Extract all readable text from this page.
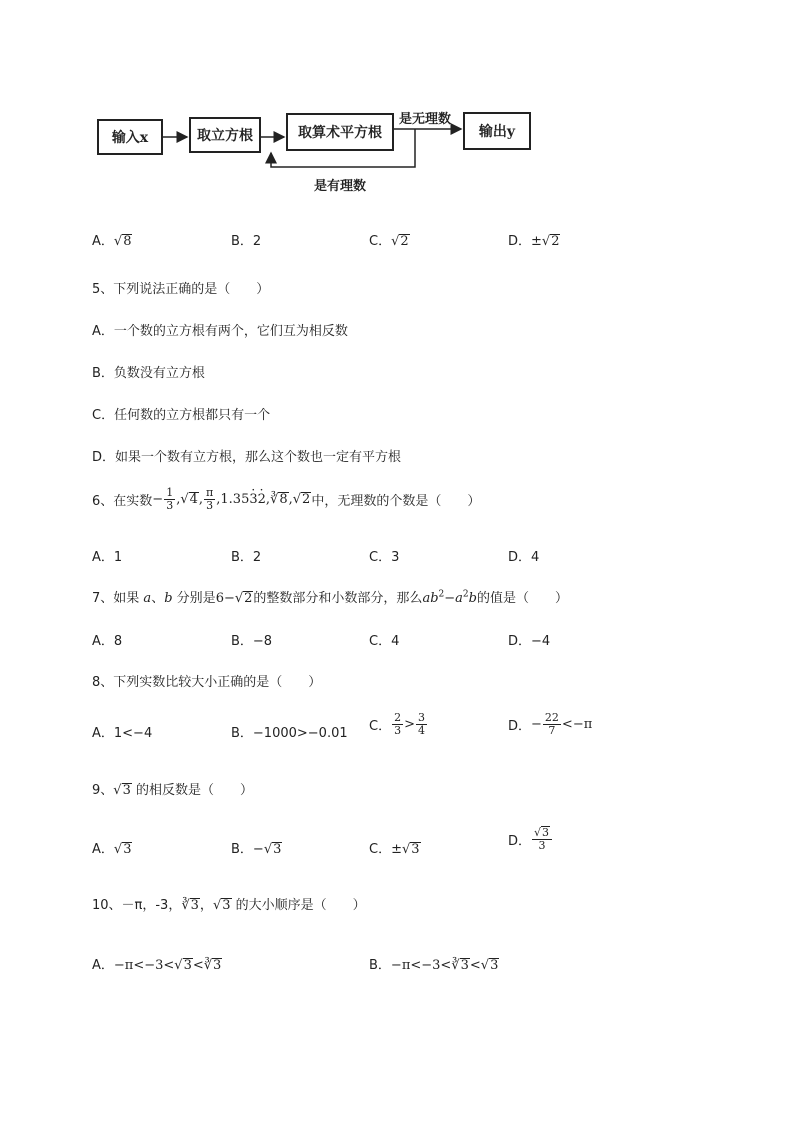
输入x	取立方根	取算术平方根	输出y
是无理数
是有理数
A．√8	B．2	C．√2	D．±√2
5、下列说法正确的是（　　）
A．一个数的立方根有两个，它们互为相反数
B．负数没有立方根
C．任何数的立方根都只有一个
D．如果一个数有立方根，那么这个数也一定有平方根
6、在实数 − $\frac{1}{3} ,√4$, $\frac{\pi}{3} ,1.35\cdot 3\cdot$ 2,∛8,√2 中，无理数的个数是（　　）
A．1	B．2	C．3	D．4
7、如果 a、b 分别是6−√2的整数部分和小数部分，那么$ab^2-a^2b$的值是（　　）
A．8	B．−8	C．4	D．−4
8、下列实数比较大小正确的是（　　）
A．1<−4	B．−1000>−0.01 C． $\frac{2}{3} > \frac{3}{4}$	D． − $\frac{22}{7} <-\pi$
9、√3 的相反数是（　　）
A．√3	B．−√3	C．±√3
D． $\frac{√3}{3}$
10、－π，-3，∛3，√3 的大小顺序是（　　）
A．−π<−3<√3<∛3	B．−π<−3<∛3<√3
